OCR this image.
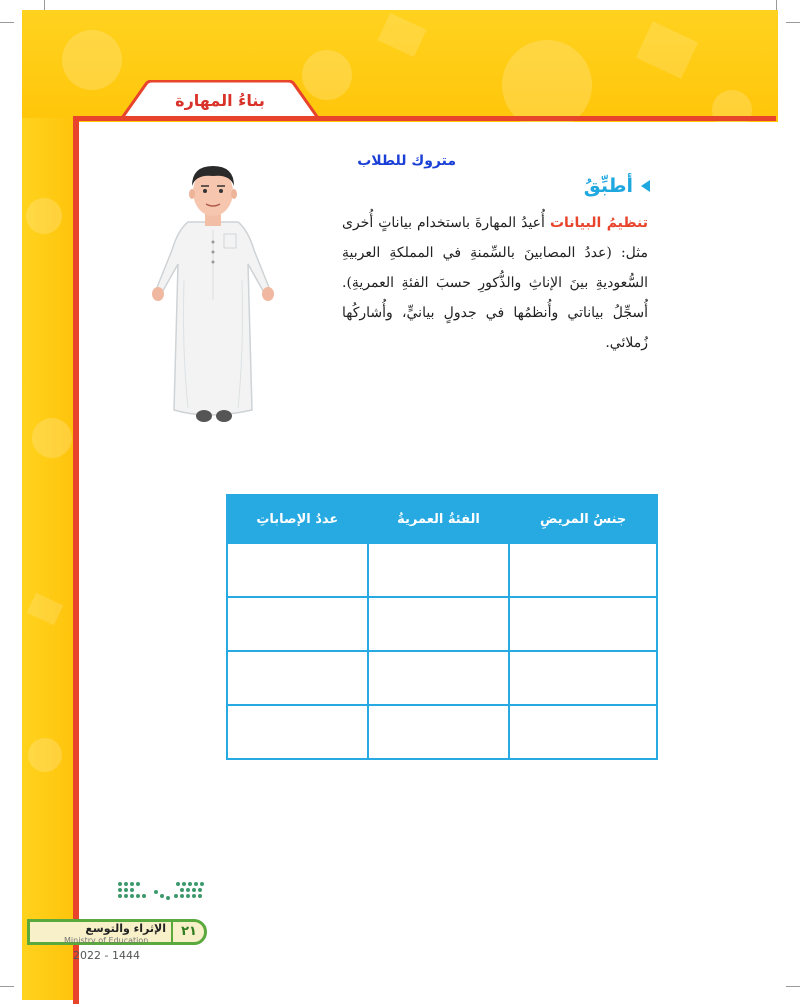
بناءُ المهارة
متروك للطلاب
أطبِّقُ
تنظيمُ البيانات أُعيدُ المهارةَ باستخدام بياناتٍ أُخرى مثل: (عددُ المصابينَ بالسِّمنةِ في المملكةِ العربيةِ السُّعوديةِ بينَ الإناثِ والذُّكورِ حسبَ الفئةِ العمريةِ). أُسجِّلُ بياناتي وأُنظمُها في جدولٍ بيانيٍّ، وأُشاركُها زُملائي.
جنسُ المريضِ	الفئةُ العمريةُ	عددُ الإصاباتِ

٢١
الإثراء والتوسع
Ministry of Education
2022 - 1444
